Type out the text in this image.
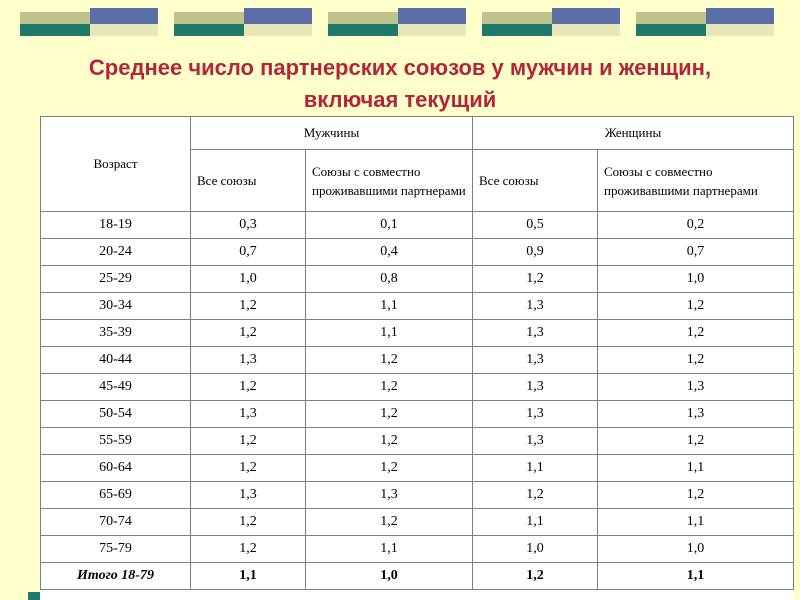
Среднее число партнерских союзов у мужчин и женщин,
включая текущий
Возраст	Мужчины		Женщины	
	Все союзы	Союзы с совместно проживавшими партнерами	Все союзы	Союзы с совместно проживавшими партнерами
18-19	0,3	0,1	0,5	0,2
20-24	0,7	0,4	0,9	0,7
25-29	1,0	0,8	1,2	1,0
30-34	1,2	1,1	1,3	1,2
35-39	1,2	1,1	1,3	1,2
40-44	1,3	1,2	1,3	1,2
45-49	1,2	1,2	1,3	1,3
50-54	1,3	1,2	1,3	1,3
55-59	1,2	1,2	1,3	1,2
60-64	1,2	1,2	1,1	1,1
65-69	1,3	1,3	1,2	1,2
70-74	1,2	1,2	1,1	1,1
75-79	1,2	1,1	1,0	1,0
Итого 18-79	1,1	1,0	1,2	1,1
